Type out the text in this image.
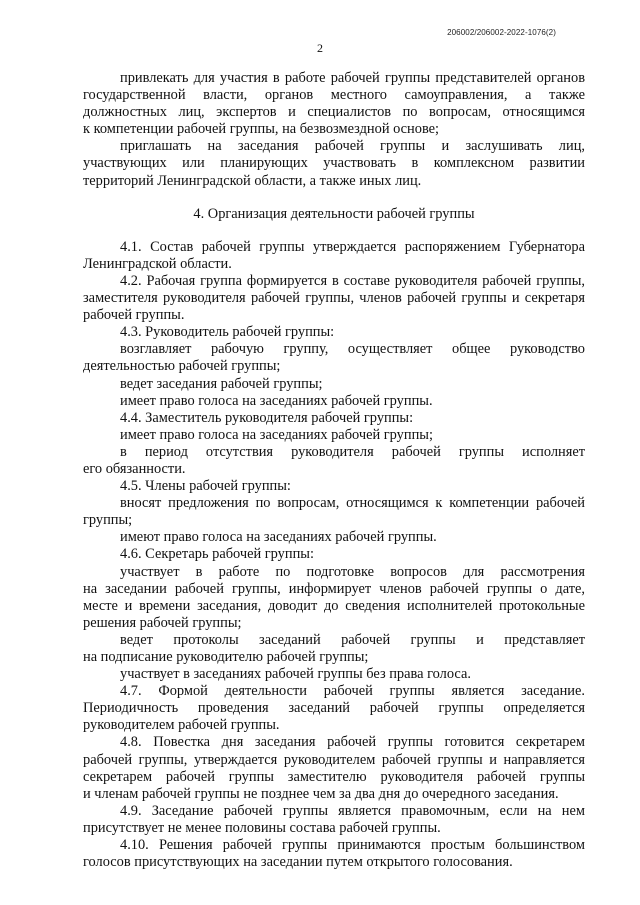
206002/206002-2022-1076(2)
2
привлекать для участия в работе рабочей группы представителей органов
государственной власти, органов местного самоуправления, а также
должностных лиц, экспертов и специалистов по вопросам, относящимся
к компетенции рабочей группы, на безвозмездной основе;
приглашать на заседания рабочей группы и заслушивать лиц,
участвующих или планирующих участвовать в комплексном развитии
территорий Ленинградской области, а также иных лиц.
4. Организация деятельности рабочей группы
4.1. Состав рабочей группы утверждается распоряжением Губернатора
Ленинградской области.
4.2. Рабочая группа формируется в составе руководителя рабочей группы,
заместителя руководителя рабочей группы, членов рабочей группы и секретаря
рабочей группы.
4.3. Руководитель рабочей группы:
возглавляет рабочую группу, осуществляет общее руководство
деятельностью рабочей группы;
ведет заседания рабочей группы;
имеет право голоса на заседаниях рабочей группы.
4.4. Заместитель руководителя рабочей группы:
имеет право голоса на заседаниях рабочей группы;
в период отсутствия руководителя рабочей группы исполняет
его обязанности.
4.5. Члены рабочей группы:
вносят предложения по вопросам, относящимся к компетенции рабочей
группы;
имеют право голоса на заседаниях рабочей группы.
4.6. Секретарь рабочей группы:
участвует в работе по подготовке вопросов для рассмотрения
на заседании рабочей группы, информирует членов рабочей группы о дате,
месте и времени заседания, доводит до сведения исполнителей протокольные
решения рабочей группы;
ведет протоколы заседаний рабочей группы и представляет
на подписание руководителю рабочей группы;
участвует в заседаниях рабочей группы без права голоса.
4.7. Формой деятельности рабочей группы является заседание.
Периодичность проведения заседаний рабочей группы определяется
руководителем рабочей группы.
4.8. Повестка дня заседания рабочей группы готовится секретарем
рабочей группы, утверждается руководителем рабочей группы и направляется
секретарем рабочей группы заместителю руководителя рабочей группы
и членам рабочей группы не позднее чем за два дня до очередного заседания.
4.9. Заседание рабочей группы является правомочным, если на нем
присутствует не менее половины состава рабочей группы.
4.10. Решения рабочей группы принимаются простым большинством
голосов присутствующих на заседании путем открытого голосования.
